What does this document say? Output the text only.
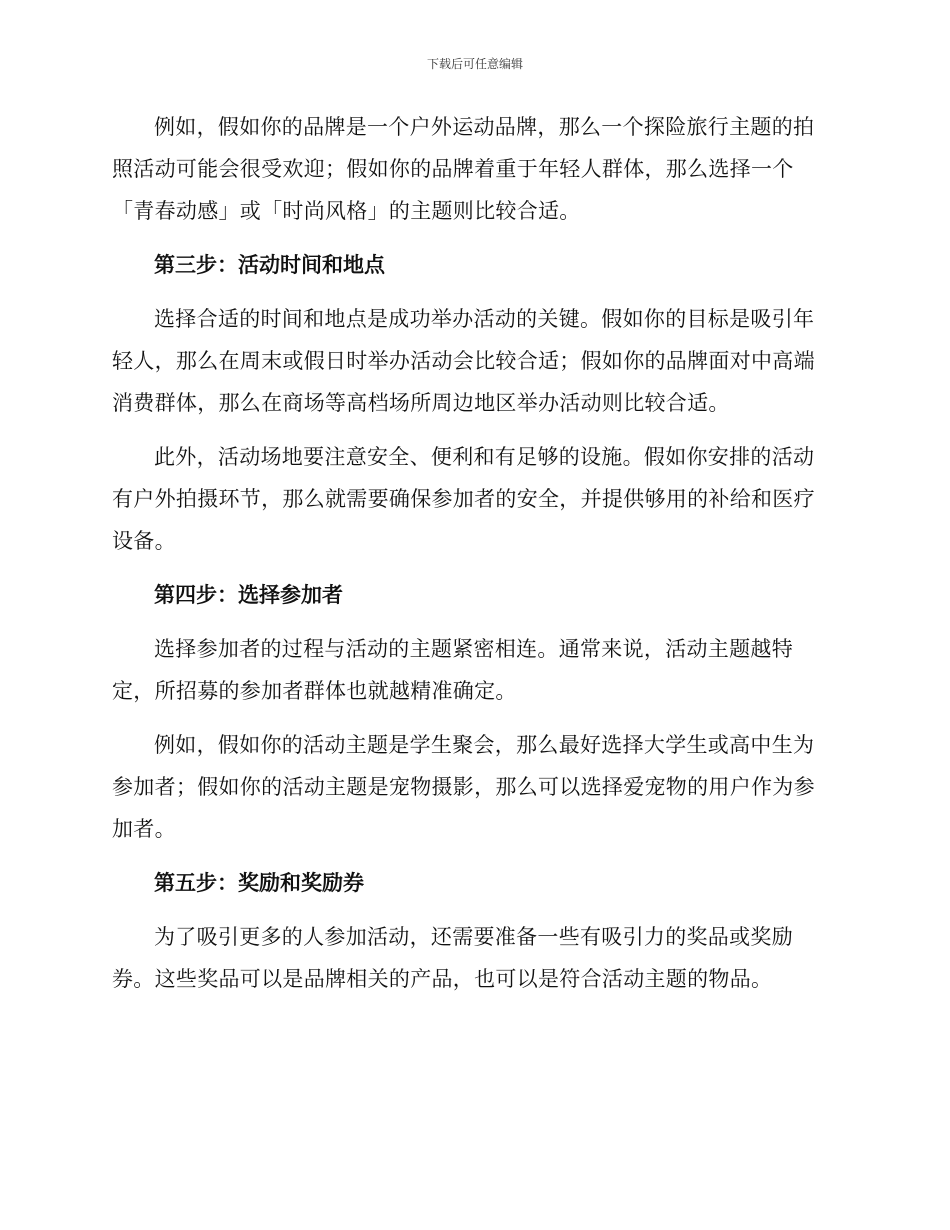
下载后可任意编辑

例如，假如你的品牌是一个户外运动品牌，那么一个探险旅行主题的拍照活动可能会很受欢迎；假如你的品牌着重于年轻人群体，那么选择一个「青春动感」或「时尚风格」的主题则比较合适。

第三步：活动时间和地点

选择合适的时间和地点是成功举办活动的关键。假如你的目标是吸引年轻人，那么在周末或假日时举办活动会比较合适；假如你的品牌面对中高端消费群体，那么在商场等高档场所周边地区举办活动则比较合适。

此外，活动场地要注意安全、便利和有足够的设施。假如你安排的活动有户外拍摄环节，那么就需要确保参加者的安全，并提供够用的补给和医疗设备。

第四步：选择参加者

选择参加者的过程与活动的主题紧密相连。通常来说，活动主题越特定，所招募的参加者群体也就越精准确定。

例如，假如你的活动主题是学生聚会，那么最好选择大学生或高中生为参加者；假如你的活动主题是宠物摄影，那么可以选择爱宠物的用户作为参加者。

第五步：奖励和奖励券

为了吸引更多的人参加活动，还需要准备一些有吸引力的奖品或奖励券。这些奖品可以是品牌相关的产品，也可以是符合活动主题的物品。
